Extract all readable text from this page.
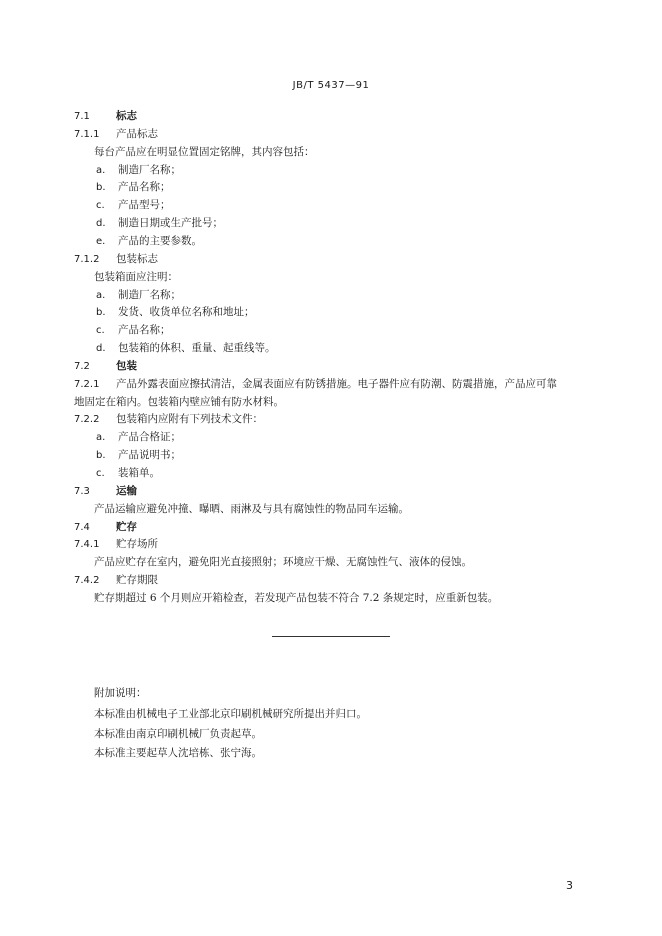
JB/T 5437—91
7.1 标志
7.1.1 产品标志
每台产品应在明显位置固定铭牌，其内容包括：
a. 制造厂名称；
b. 产品名称；
c. 产品型号；
d. 制造日期或生产批号；
e. 产品的主要参数。
7.1.2 包装标志
包装箱面应注明：
a. 制造厂名称；
b. 发货、收货单位名称和地址；
c. 产品名称；
d. 包装箱的体积、重量、起重线等。
7.2 包装
7.2.1 产品外露表面应擦拭清洁，金属表面应有防锈措施。电子器件应有防潮、防震措施，产品应可靠
地固定在箱内。包装箱内壁应铺有防水材料。
7.2.2 包装箱内应附有下列技术文件：
a. 产品合格证；
b. 产品说明书；
c. 装箱单。
7.3 运输
产品运输应避免冲撞、曝晒、雨淋及与具有腐蚀性的物品同车运输。
7.4 贮存
7.4.1 贮存场所
产品应贮存在室内，避免阳光直接照射；环境应干燥、无腐蚀性气、液体的侵蚀。
7.4.2 贮存期限
贮存期超过 6 个月则应开箱检查，若发现产品包装不符合 7.2 条规定时，应重新包装。
附加说明：
本标准由机械电子工业部北京印刷机械研究所提出并归口。
本标准由南京印刷机械厂负责起草。
本标准主要起草人沈培栋、张宁海。
3
